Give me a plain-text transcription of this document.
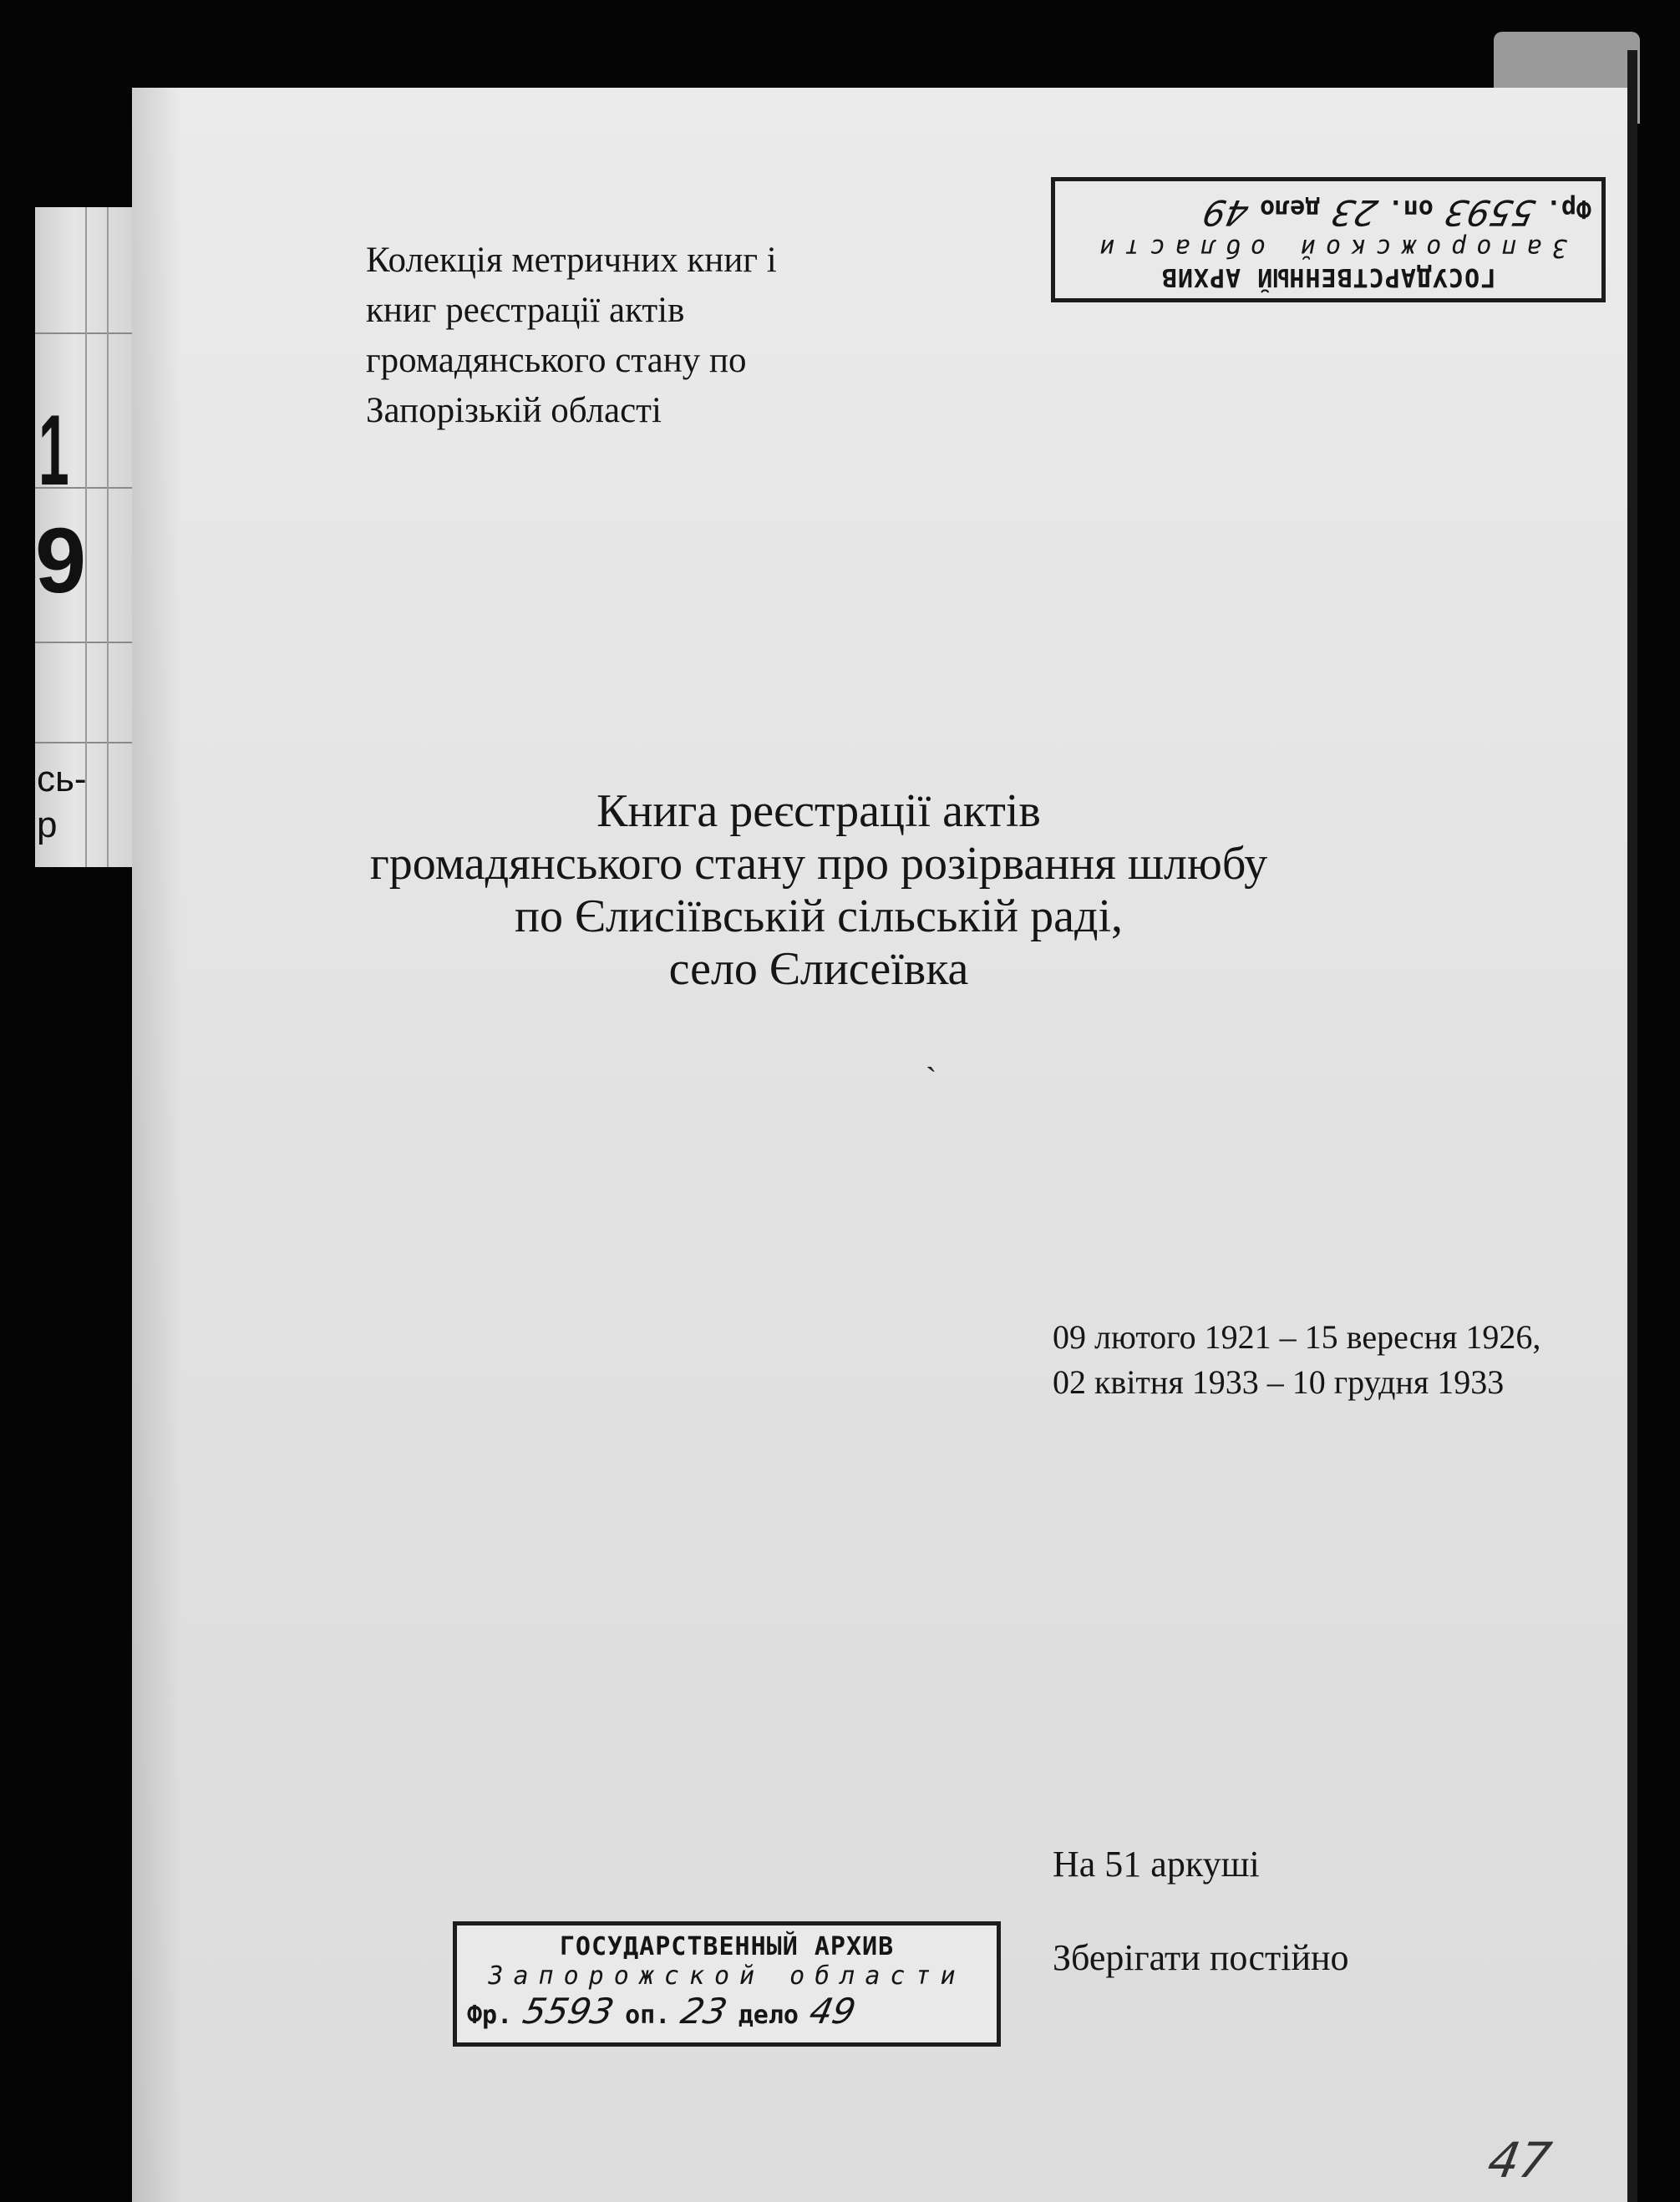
1
9
сь-
р
Колекція метричних книг і
книг реєстрації актів
громадянського стану по
Запорізькій області
Книга реєстрації актів
громадянського стану про розірвання шлюбу
по Єлисіївській сільській раді,
село Єлисеївка
`
09 лютого 1921 – 15 вересня 1926,
02 квітня 1933 – 10 грудня 1933
На 51 аркуші
Зберігати постійно
ГОСУДАРСТВЕННЫЙ АРХИВ
Запорожской области
Фр.
5593
оп.
23
дело
49
ГОСУДАРСТВЕННЫЙ АРХИВ
Запорожской области
Фр. 5593 оп. 23 дело 49
47
